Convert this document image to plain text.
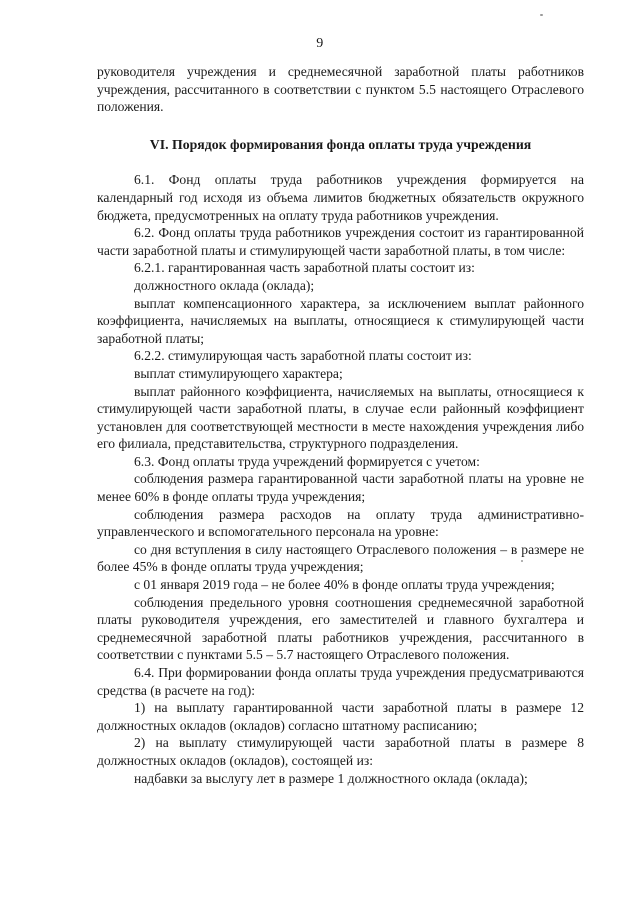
9

руководителя учреждения и среднемесячной заработной платы работников учреждения, рассчитанного в соответствии с пунктом 5.5 настоящего Отраслевого положения.

VI. Порядок формирования фонда оплаты труда учреждения

6.1. Фонд оплаты труда работников учреждения формируется на календарный год исходя из объема лимитов бюджетных обязательств окружного бюджета, предусмотренных на оплату труда работников учреждения.

6.2. Фонд оплаты труда работников учреждения состоит из гарантированной части заработной платы и стимулирующей части заработной платы, в том числе:

6.2.1. гарантированная часть заработной платы состоит из:

должностного оклада (оклада);

выплат компенсационного характера, за исключением выплат районного коэффициента, начисляемых на выплаты, относящиеся к стимулирующей части заработной платы;

6.2.2. стимулирующая часть заработной платы состоит из:

выплат стимулирующего характера;

выплат районного коэффициента, начисляемых на выплаты, относящиеся к стимулирующей части заработной платы, в случае если районный коэффициент установлен для соответствующей местности в месте нахождения учреждения либо его филиала, представительства, структурного подразделения.

6.3. Фонд оплаты труда учреждений формируется с учетом:

соблюдения размера гарантированной части заработной платы на уровне не менее 60% в фонде оплаты труда учреждения;

соблюдения размера расходов на оплату труда административно-управленческого и вспомогательного персонала на уровне:

со дня вступления в силу настоящего Отраслевого положения – в размере не более 45% в фонде оплаты труда учреждения;

с 01 января 2019 года – не более 40% в фонде оплаты труда учреждения;

соблюдения предельного уровня соотношения среднемесячной заработной платы руководителя учреждения, его заместителей и главного бухгалтера и среднемесячной заработной платы работников учреждения, рассчитанного в соответствии с пунктами 5.5 – 5.7 настоящего Отраслевого положения.

6.4. При формировании фонда оплаты труда учреждения предусматриваются средства (в расчете на год):

1) на выплату гарантированной части заработной платы в размере 12 должностных окладов (окладов) согласно штатному расписанию;

2) на выплату стимулирующей части заработной платы в размере 8 должностных окладов (окладов), состоящей из:

надбавки за выслугу лет в размере 1 должностного оклада (оклада);
